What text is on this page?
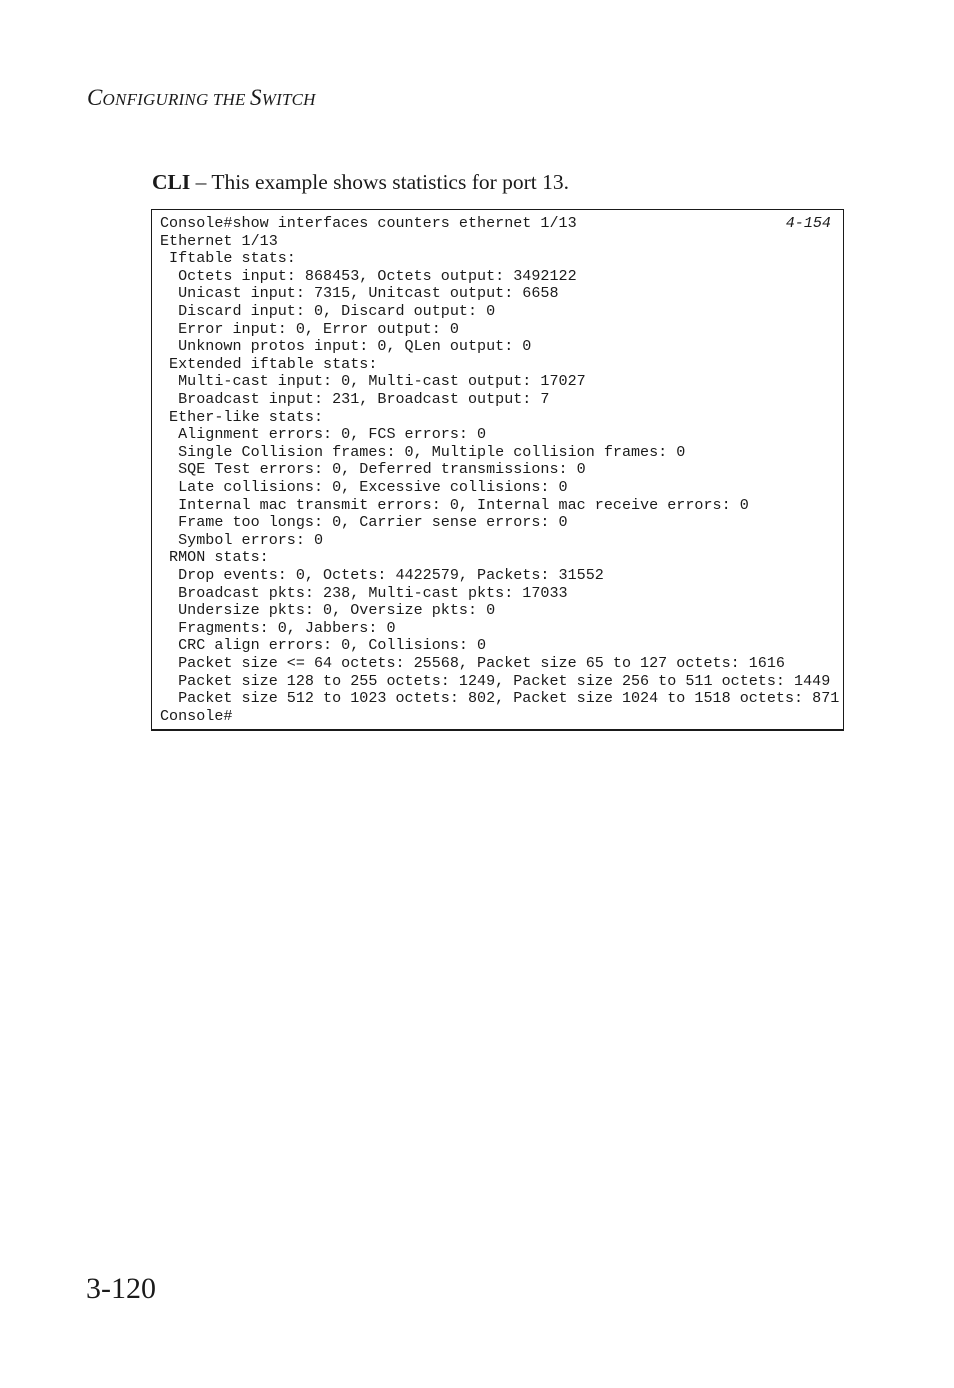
CONFIGURING THE SWITCH
CLI – This example shows statistics for port 13.
4-154
Console#show interfaces counters ethernet 1/13
Ethernet 1/13
Iftable stats:
Octets input: 868453, Octets output: 3492122
Unicast input: 7315, Unitcast output: 6658
Discard input: 0, Discard output: 0
Error input: 0, Error output: 0
Unknown protos input: 0, QLen output: 0
Extended iftable stats:
Multi-cast input: 0, Multi-cast output: 17027
Broadcast input: 231, Broadcast output: 7
Ether-like stats:
Alignment errors: 0, FCS errors: 0
Single Collision frames: 0, Multiple collision frames: 0
SQE Test errors: 0, Deferred transmissions: 0
Late collisions: 0, Excessive collisions: 0
Internal mac transmit errors: 0, Internal mac receive errors: 0
Frame too longs: 0, Carrier sense errors: 0
Symbol errors: 0
RMON stats:
Drop events: 0, Octets: 4422579, Packets: 31552
Broadcast pkts: 238, Multi-cast pkts: 17033
Undersize pkts: 0, Oversize pkts: 0
Fragments: 0, Jabbers: 0
CRC align errors: 0, Collisions: 0
Packet size <= 64 octets: 25568, Packet size 65 to 127 octets: 1616
Packet size 128 to 255 octets: 1249, Packet size 256 to 511 octets: 1449
Packet size 512 to 1023 octets: 802, Packet size 1024 to 1518 octets: 871
Console#
3-120
